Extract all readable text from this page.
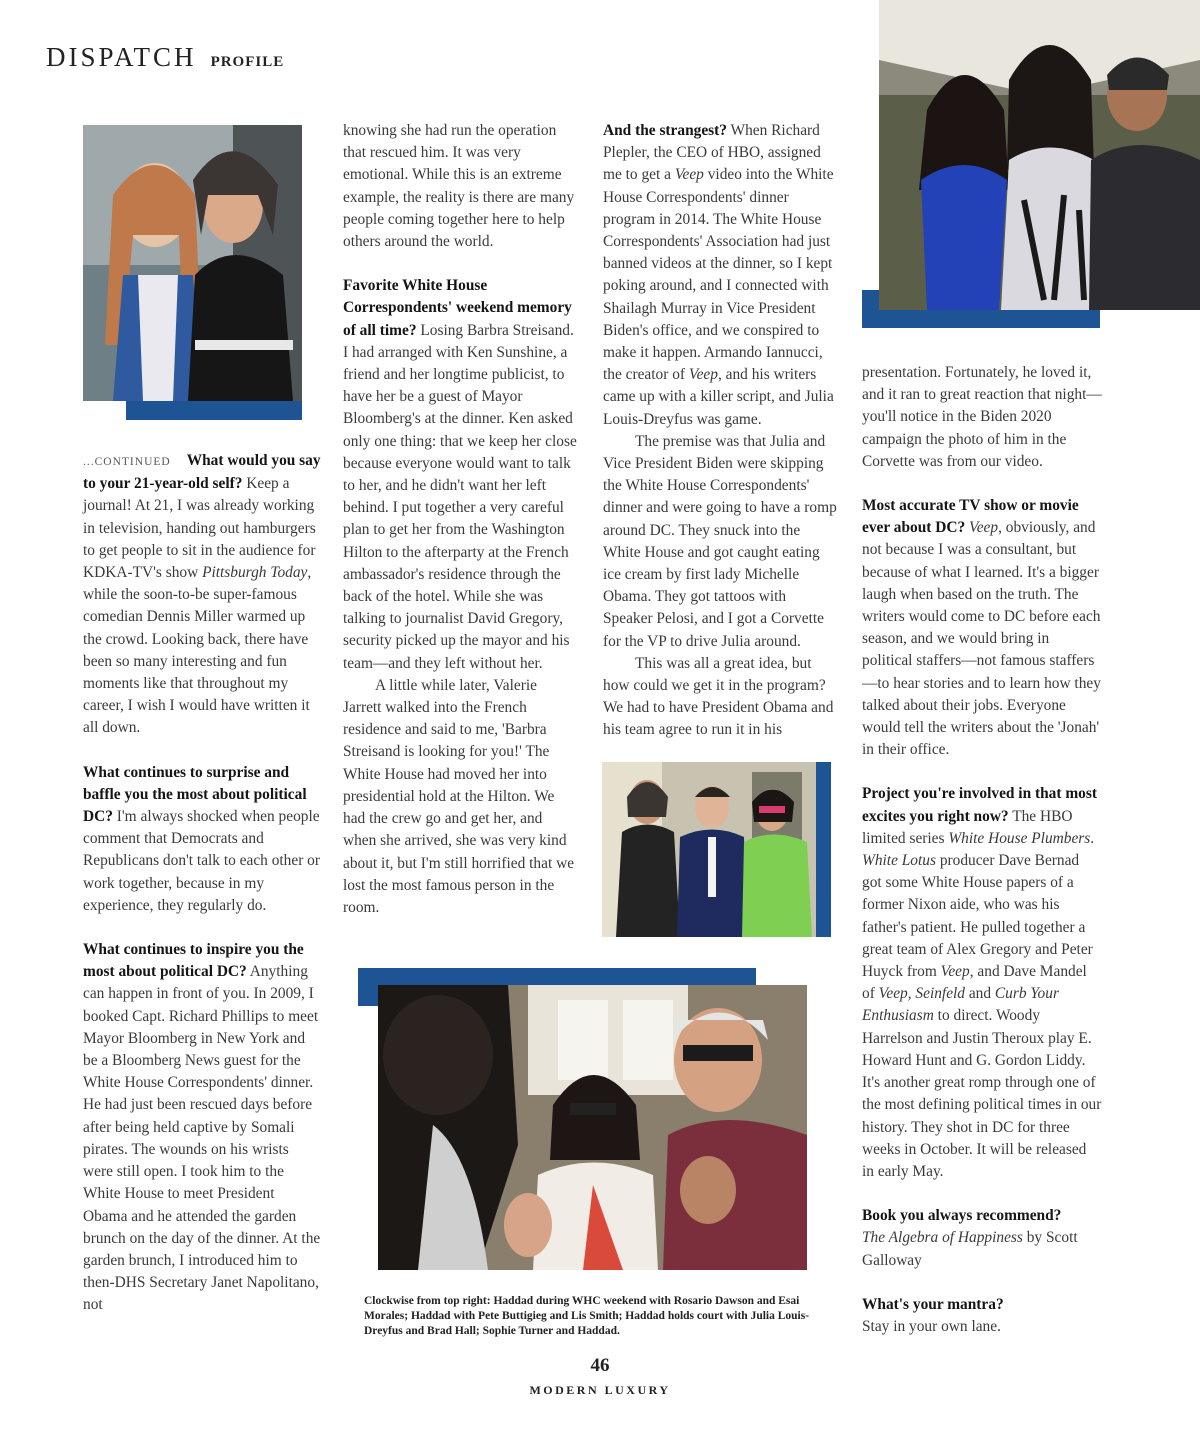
DISPATCH PROFILE

...CONTINUED What would you say to your 21-year-old self? Keep a journal! At 21, I was already working in television, handing out hamburgers to get people to sit in the audience for KDKA-TV's show Pittsburgh Today, while the soon-to-be super-famous comedian Dennis Miller warmed up the crowd. Looking back, there have been so many interesting and fun moments like that throughout my career, I wish I would have written it all down.

What continues to surprise and baffle you the most about political DC? I'm always shocked when people comment that Democrats and Republicans don't talk to each other or work together, because in my experience, they regularly do.

What continues to inspire you the most about political DC? Anything can happen in front of you. In 2009, I booked Capt. Richard Phillips to meet Mayor Bloomberg in New York and be a Bloomberg News guest for the White House Correspondents' dinner. He had just been rescued days before after being held captive by Somali pirates. The wounds on his wrists were still open. I took him to the White House to meet President Obama and he attended the garden brunch on the day of the dinner. At the garden brunch, I introduced him to then-DHS Secretary Janet Napolitano, not

knowing she had run the operation that rescued him. It was very emotional. While this is an extreme example, the reality is there are many people coming together here to help others around the world.

Favorite White House Correspondents' weekend memory of all time? Losing Barbra Streisand. I had arranged with Ken Sunshine, a friend and her longtime publicist, to have her be a guest of Mayor Bloomberg's at the dinner. Ken asked only one thing: that we keep her close because everyone would want to talk to her, and he didn't want her left behind. I put together a very careful plan to get her from the Washington Hilton to the afterparty at the French ambassador's residence through the back of the hotel. While she was talking to journalist David Gregory, security picked up the mayor and his team—and they left without her.

A little while later, Valerie Jarrett walked into the French residence and said to me, 'Barbra Streisand is looking for you!' The White House had moved her into presidential hold at the Hilton. We had the crew go and get her, and when she arrived, she was very kind about it, but I'm still horrified that we lost the most famous person in the room.

And the strangest? When Richard Plepler, the CEO of HBO, assigned me to get a Veep video into the White House Correspondents' dinner program in 2014. The White House Correspondents' Association had just banned videos at the dinner, so I kept poking around, and I connected with Shailagh Murray in Vice President Biden's office, and we conspired to make it happen. Armando Iannucci, the creator of Veep, and his writers came up with a killer script, and Julia Louis-Dreyfus was game.

The premise was that Julia and Vice President Biden were skipping the White House Correspondents' dinner and were going to have a romp around DC. They snuck into the White House and got caught eating ice cream by first lady Michelle Obama. They got tattoos with Speaker Pelosi, and I got a Corvette for the VP to drive Julia around.

This was all a great idea, but how could we get it in the program? We had to have President Obama and his team agree to run it in his

presentation. Fortunately, he loved it, and it ran to great reaction that night—you'll notice in the Biden 2020 campaign the photo of him in the Corvette was from our video.

Most accurate TV show or movie ever about DC? Veep, obviously, and not because I was a consultant, but because of what I learned. It's a bigger laugh when based on the truth. The writers would come to DC before each season, and we would bring in political staffers—not famous staffers—to hear stories and to learn how they talked about their jobs. Everyone would tell the writers about the 'Jonah' in their office.

Project you're involved in that most excites you right now? The HBO limited series White House Plumbers. White Lotus producer Dave Bernad got some White House papers of a former Nixon aide, who was his father's patient. He pulled together a great team of Alex Gregory and Peter Huyck from Veep, and Dave Mandel of Veep, Seinfeld and Curb Your Enthusiasm to direct. Woody Harrelson and Justin Theroux play E. Howard Hunt and G. Gordon Liddy. It's another great romp through one of the most defining political times in our history. They shot in DC for three weeks in October. It will be released in early May.

Book you always recommend?
The Algebra of Happiness by Scott Galloway

What's your mantra?
Stay in your own lane.

Clockwise from top right: Haddad during WHC weekend with Rosario Dawson and Esai Morales; Haddad with Pete Buttigieg and Lis Smith; Haddad holds court with Julia Louis-Dreyfus and Brad Hall; Sophie Turner and Haddad.
46
MODERN LUXURY
